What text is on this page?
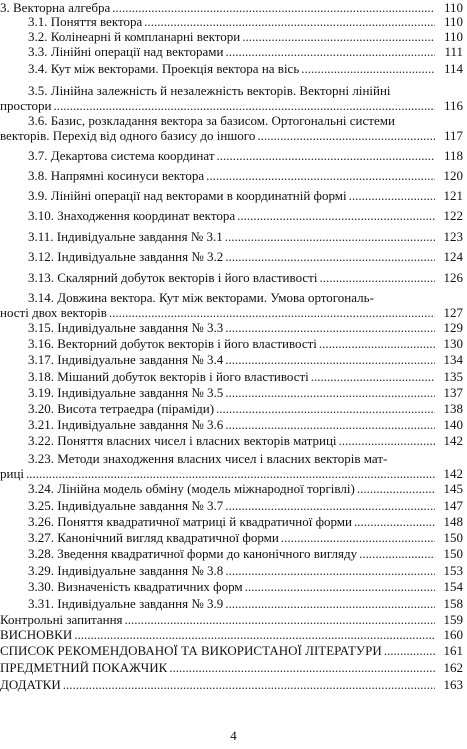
3. Векторна алгебра .....	110
3.1. Поняття вектора .....	110
3.2. Колінеарні й компланарні вектори .....	110
3.3. Лінійні операції над векторами .....	111
3.4. Кут між векторами. Проекція вектора на вісь .....	114
3.5. Лінійна залежність й незалежність векторів. Векторні лінійні
простори .....	116
3.6. Базис, розкладання вектора за базисом. Ортогональні системи
векторів. Перехід від одного базису до іншого .....	117
3.7. Декартова система координат .....	118
3.8. Напрямні косинуси вектора .....	120
3.9. Лінійні операції над векторами в координатній формі .....	121
3.10. Знаходження координат вектора .....	122
3.11. Індивідуальне завдання № 3.1 .....	123
3.12. Індивідуальне завдання № 3.2 .....	124
3.13. Скалярний добуток векторів і його властивості .....	126
3.14. Довжина вектора. Кут між векторами. Умова ортогональ-
ності двох векторів .....	127
3.15. Індивідуальне завдання № 3.3 .....	129
3.16. Векторний добуток векторів і його властивості .....	130
3.17. Індивідуальне завдання № 3.4 .....	134
3.18. Мішаний добуток векторів і його властивості .....	135
3.19. Індивідуальне завдання № 3.5 .....	137
3.20. Висота тетраедра (піраміди) .....	138
3.21. Індивідуальне завдання № 3.6 .....	140
3.22. Поняття власних чисел і власних векторів матриці .....	142
3.23. Методи знаходження власних чисел і власних векторів мат-
риці .....	142
3.24. Лінійна модель обміну (модель міжнародної торгівлі) .....	145
3.25. Індивідуальне завдання № 3.7 .....	147
3.26. Поняття квадратичної матриці й квадратичної форми .....	148
3.27. Канонічний вигляд квадратичної форми .....	150
3.28. Зведення квадратичної форми до канонічного вигляду .....	150
3.29. Індивідуальне завдання № 3.8 .....	153
3.30. Визначеність квадратичних форм .....	154
3.31. Індивідуальне завдання № 3.9 .....	158
Контрольні запитання .....	159
ВИСНОВКИ .....	160
СПИСОК РЕКОМЕНДОВАНОЇ ТА ВИКОРИСТАНОЇ ЛІТЕРАТУРИ .....	161
ПРЕДМЕТНИЙ ПОКАЖЧИК .....	162
ДОДАТКИ .....	163
4
